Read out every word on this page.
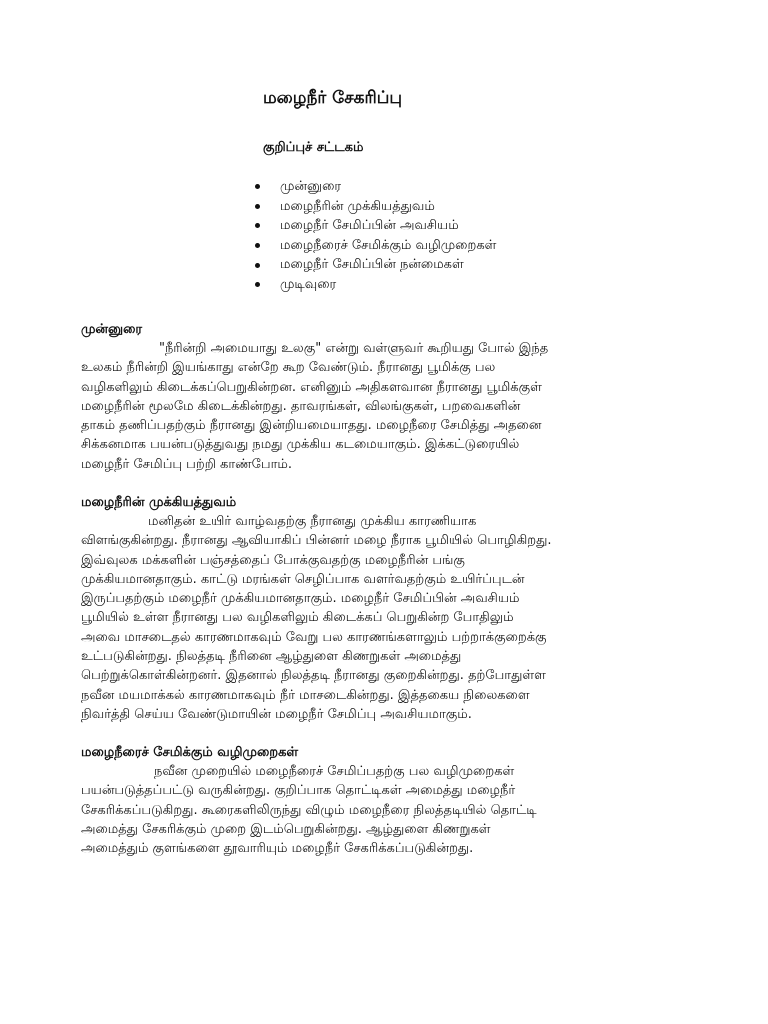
மழைநீர் சேகரிப்பு
குறிப்புச் சட்டகம்
முன்னுரை
மழைநீரின் முக்கியத்துவம்
மழைநீர் சேமிப்பின் அவசியம்
மழைநீரைச் சேமிக்கும் வழிமுறைகள்
மழைநீர் சேமிப்பின் நன்மைகள்
முடிவுரை
முன்னுரை

"நீரின்றி அமையாது உலகு" என்று வள்ளுவர் கூறியது போல் இந்த

உலகம் நீரின்றி இயங்காது என்றே கூற வேண்டும். நீரானது பூமிக்கு பல

வழிகளிலும் கிடைக்கப்பெறுகின்றன. எனினும் அதிகளவான நீரானது பூமிக்குள்

மழைநீரின் மூலமே கிடைக்கின்றது. தாவரங்கள், விலங்குகள், பறவைகளின்

தாகம் தணிப்பதற்கும் நீரானது இன்றியமையாதது. மழைநீரை சேமித்து அதனை

சிக்கனமாக பயன்படுத்துவது நமது முக்கிய கடமையாகும். இக்கட்டுரையில்

மழைநீர் சேமிப்பு பற்றி காண்போம்.

மழைநீரின் முக்கியத்துவம்

மனிதன் உயிர் வாழ்வதற்கு நீரானது முக்கிய காரணியாக

விளங்குகின்றது. நீரானது ஆவியாகிப் பின்னர் மழை நீராக பூமியில் பொழிகிறது.

இவ்வுலக மக்களின் பஞ்சத்தைப் போக்குவதற்கு மழைநீரின் பங்கு

முக்கியமானதாகும். காட்டு மரங்கள் செழிப்பாக வளர்வதற்கும் உயிர்ப்புடன்

இருப்பதற்கும் மழைநீர் முக்கியமானதாகும். மழைநீர் சேமிப்பின் அவசியம்

பூமியில் உள்ள நீரானது பல வழிகளிலும் கிடைக்கப் பெறுகின்ற போதிலும்

அவை மாசடைதல் காரணமாகவும் வேறு பல காரணங்களாலும் பற்றாக்குறைக்கு

உட்படுகின்றது. நிலத்தடி நீரினை ஆழ்துளை கிணறுகள் அமைத்து

பெற்றுக்கொள்கின்றனர். இதனால் நிலத்தடி நீரானது குறைகின்றது. தற்போதுள்ள

நவீன மயமாக்கல் காரணமாகவும் நீர் மாசடைகின்றது. இத்தகைய நிலைகளை

நிவர்த்தி செய்ய வேண்டுமாயின் மழைநீர் சேமிப்பு அவசியமாகும்.

மழைநீரைச் சேமிக்கும் வழிமுறைகள்

நவீன முறையில் மழைநீரைச் சேமிப்பதற்கு பல வழிமுறைகள்

பயன்படுத்தப்பட்டு வருகின்றது. குறிப்பாக தொட்டிகள் அமைத்து மழைநீர்

சேகரிக்கப்படுகிறது. கூரைகளிலிருந்து விழும் மழைநீரை நிலத்தடியில் தொட்டி

அமைத்து சேகரிக்கும் முறை இடம்பெறுகின்றது. ஆழ்துளை கிணறுகள்

அமைத்தும் குளங்களை தூவாரியும் மழைநீர் சேகரிக்கப்படுகின்றது.
